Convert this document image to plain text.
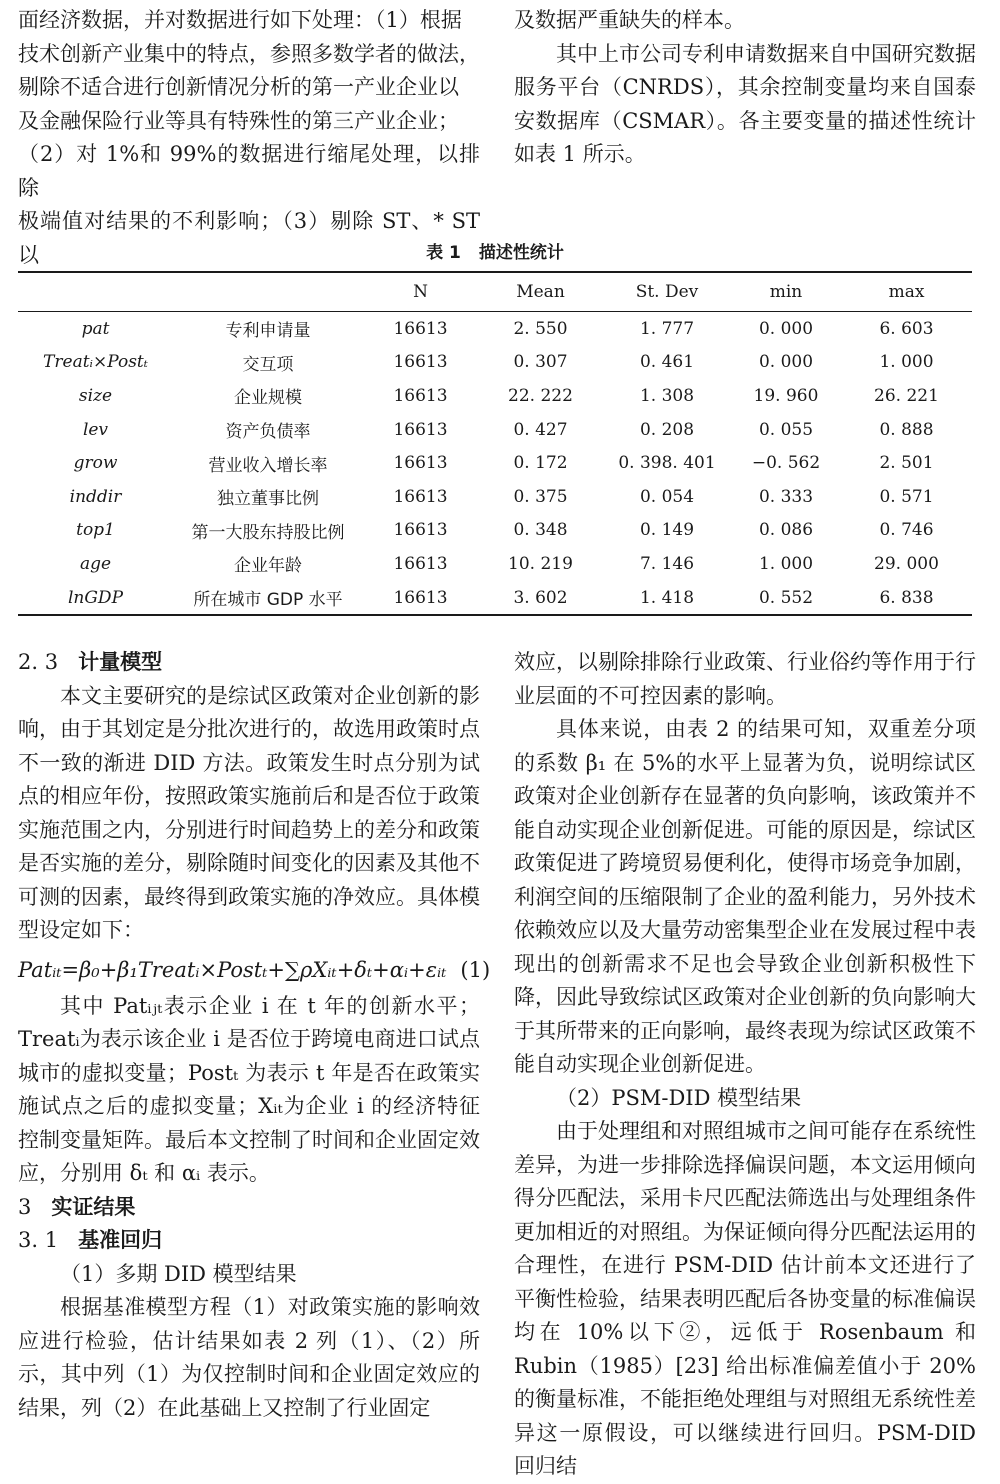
面经济数据，并对数据进行如下处理：（1）根据

技术创新产业集中的特点，参照多数学者的做法，

剔除不适合进行创新情况分析的第一产业企业以

及金融保险行业等具有特殊性的第三产业企业；

（2）对 1%和 99%的数据进行缩尾处理，以排除

极端值对结果的不利影响；（3）剔除 ST、* ST 以

及数据严重缺失的样本。

其中上市公司专利申请数据来自中国研究数据服务平台（CNRDS），其余控制变量均来自国泰安数据库（CSMAR）。各主要变量的描述性统计如表 1 所示。

表 1 描述性统计

		N	Mean	St. Dev	min	max
pat	专利申请量	16613	2. 550	1. 777	0. 000	6. 603
Treatᵢ×Postₜ	交互项	16613	0. 307	0. 461	0. 000	1. 000
size	企业规模	16613	22. 222	1. 308	19. 960	26. 221
lev	资产负债率	16613	0. 427	0. 208	0. 055	0. 888
grow	营业收入增长率	16613	0. 172	0. 398. 401	−0. 562	2. 501
inddir	独立董事比例	16613	0. 375	0. 054	0. 333	0. 571
top1	第一大股东持股比例	16613	0. 348	0. 149	0. 086	0. 746
age	企业年龄	16613	10. 219	7. 146	1. 000	29. 000
lnGDP	所在城市 GDP 水平	16613	3. 602	1. 418	0. 552	6. 838

2. 3 计量模型

本文主要研究的是综试区政策对企业创新的影响，由于其划定是分批次进行的，故选用政策时点不一致的渐进 DID 方法。政策发生时点分别为试点的相应年份，按照政策实施前后和是否位于政策实施范围之内，分别进行时间趋势上的差分和政策是否实施的差分，剔除随时间变化的因素及其他不可测的因素，最终得到政策实施的净效应。具体模型设定如下：

Patᵢₜ=β₀+β₁Treatᵢ×Postₜ+∑ρXᵢₜ+δₜ+αᵢ+εᵢₜ (1)

其中 Patᵢⱼₜ表示企业 i 在 t 年的创新水平；Treatᵢ为表示该企业 i 是否位于跨境电商进口试点城市的虚拟变量；Postₜ 为表示 t 年是否在政策实施试点之后的虚拟变量；Xᵢₜ为企业 i 的经济特征控制变量矩阵。最后本文控制了时间和企业固定效应，分别用 δₜ 和 αᵢ 表示。

3 实证结果

3. 1 基准回归

（1）多期 DID 模型结果

根据基准模型方程（1）对政策实施的影响效应进行检验，估计结果如表 2 列（1）、（2）所示，其中列（1）为仅控制时间和企业固定效应的结果，列（2）在此基础上又控制了行业固定

效应，以剔除排除行业政策、行业俗约等作用于行业层面的不可控因素的影响。

具体来说，由表 2 的结果可知，双重差分项的系数 β₁ 在 5%的水平上显著为负，说明综试区政策对企业创新存在显著的负向影响，该政策并不能自动实现企业创新促进。可能的原因是，综试区政策促进了跨境贸易便利化，使得市场竞争加剧，利润空间的压缩限制了企业的盈利能力，另外技术依赖效应以及大量劳动密集型企业在发展过程中表现出的创新需求不足也会导致企业创新积极性下降，因此导致综试区政策对企业创新的负向影响大于其所带来的正向影响，最终表现为综试区政策不能自动实现企业创新促进。

（2）PSM-DID 模型结果

由于处理组和对照组城市之间可能存在系统性差异，为进一步排除选择偏误问题，本文运用倾向得分匹配法，采用卡尺匹配法筛选出与处理组条件更加相近的对照组。为保证倾向得分匹配法运用的合理性，在进行 PSM-DID 估计前本文还进行了平衡性检验，结果表明匹配后各协变量的标准偏误均在 10%以下②，远低于 Rosenbaum 和 Rubin（1985）[23] 给出标准偏差值小于 20%的衡量标准，不能拒绝处理组与对照组无系统性差异这一原假设，可以继续进行回归。PSM-DID 回归结
